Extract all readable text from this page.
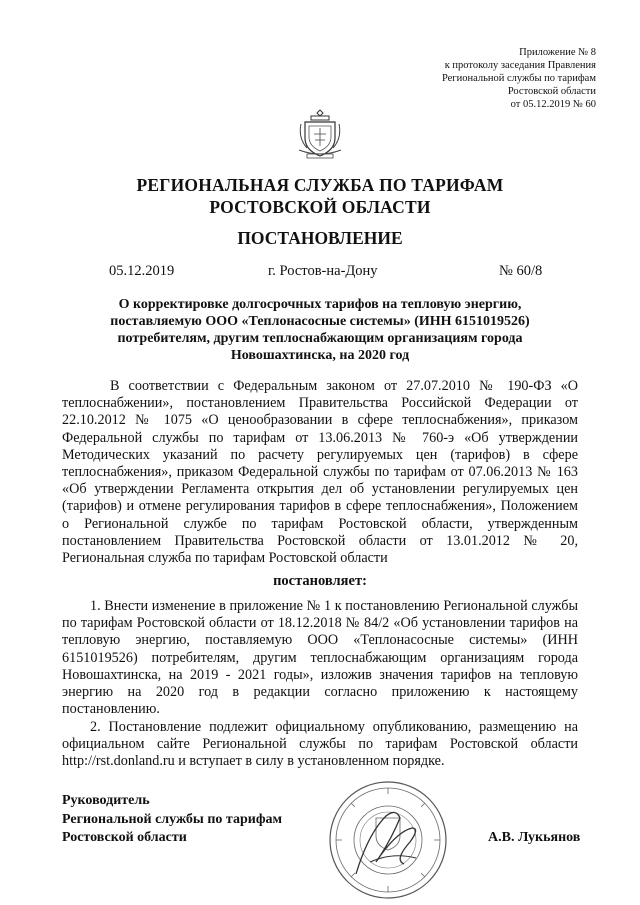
Приложение № 8
к протоколу заседания Правления
Региональной службы по тарифам
Ростовской области
от 05.12.2019 № 60
РЕГИОНАЛЬНАЯ СЛУЖБА ПО ТАРИФАМ
РОСТОВСКОЙ ОБЛАСТИ
ПОСТАНОВЛЕНИЕ
05.12.2019	г. Ростов-на-Дону	№ 60/8
О корректировке долгосрочных тарифов на тепловую энергию,
поставляемую ООО «Теплонасосные системы» (ИНН 6151019526)
потребителям, другим теплоснабжающим организациям города
Новошахтинска, на 2020 год
В соответствии с Федеральным законом от 27.07.2010 № 190-ФЗ «О теплоснабжении», постановлением Правительства Российской Федерации от 22.10.2012 № 1075 «О ценообразовании в сфере теплоснабжения», приказом Федеральной службы по тарифам от 13.06.2013 № 760-э «Об утверждении Методических указаний по расчету регулируемых цен (тарифов) в сфере теплоснабжения», приказом Федеральной службы по тарифам от 07.06.2013 № 163 «Об утверждении Регламента открытия дел об установлении регулируемых цен (тарифов) и отмене регулирования тарифов в сфере теплоснабжения», Положением о Региональной службе по тарифам Ростовской области, утвержденным постановлением Правительства Ростовской области от 13.01.2012 № 20, Региональная служба по тарифам Ростовской области
постановляет:
1. Внести изменение в приложение № 1 к постановлению Региональной службы по тарифам Ростовской области от 18.12.2018 № 84/2 «Об установлении тарифов на тепловую энергию, поставляемую ООО «Теплонасосные системы» (ИНН 6151019526) потребителям, другим теплоснабжающим организациям города Новошахтинска, на 2019 - 2021 годы», изложив значения тарифов на тепловую энергию на 2020 год в редакции согласно приложению к настоящему постановлению.
2. Постановление подлежит официальному опубликованию, размещению на официальном сайте Региональной службы по тарифам Ростовской области http://rst.donland.ru и вступает в силу в установленном порядке.
Руководитель
Региональной службы по тарифам
Ростовской области	А.В. Лукьянов
